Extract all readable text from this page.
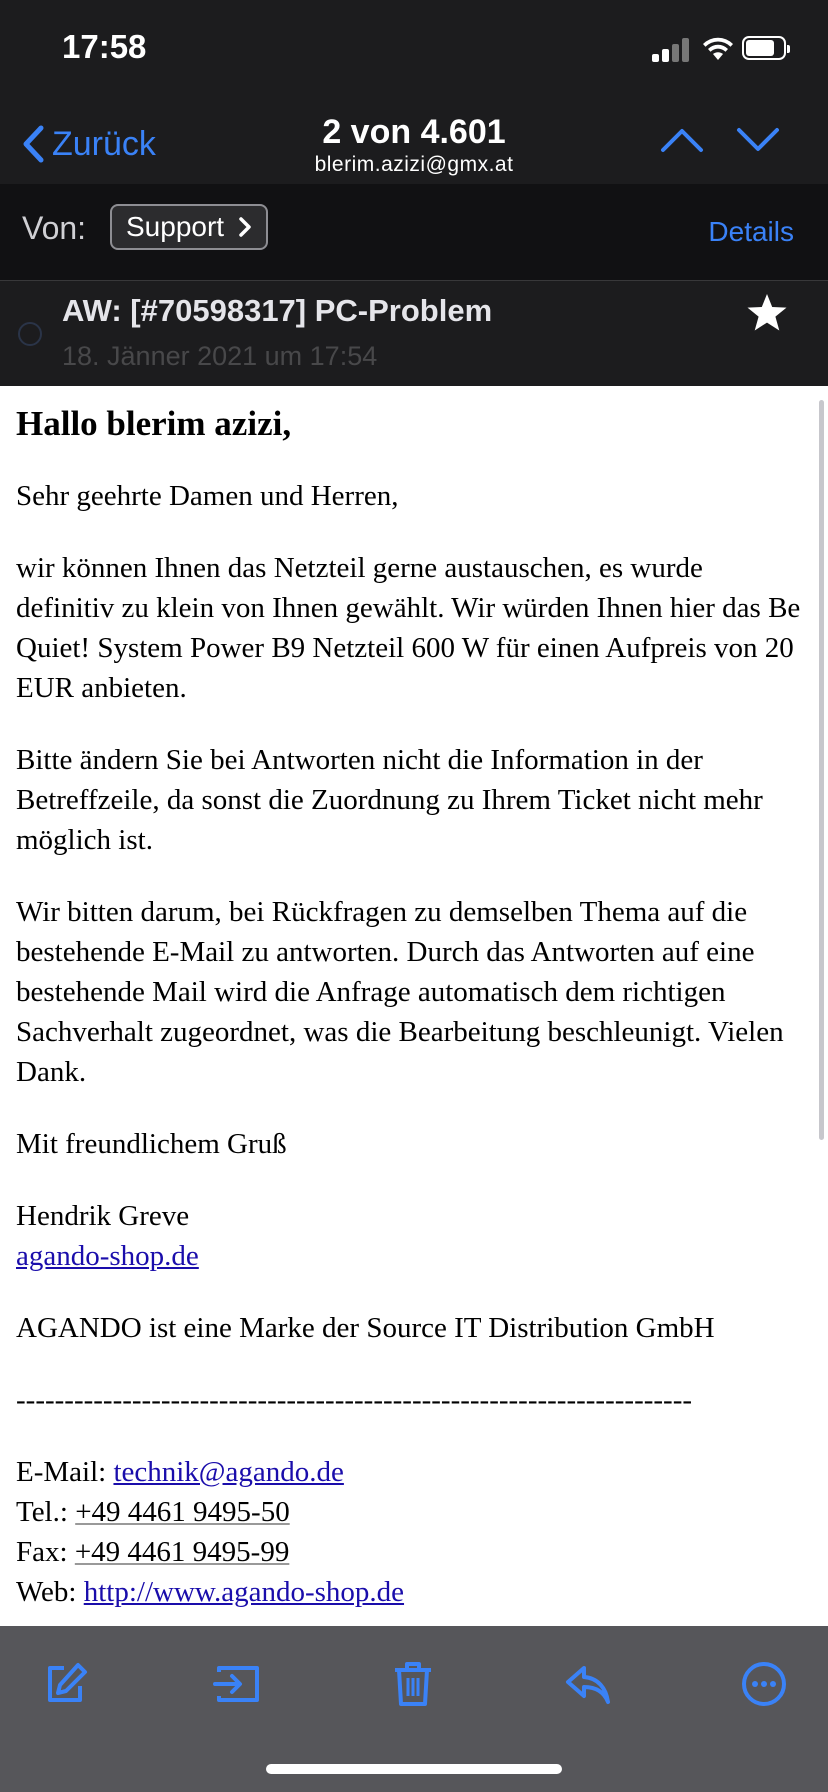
17:58
Zurück	2 von 4.601
blerim.azizi@gmx.at
Von: Support	Details
AW: [#70598317] PC-Problem
18. Jänner 2021 um 17:54
Hallo blerim azizi,

Sehr geehrte Damen und Herren,

wir können Ihnen das Netzteil gerne austauschen, es wurde definitiv zu klein von Ihnen gewählt. Wir würden Ihnen hier das Be Quiet! System Power B9 Netzteil 600 W für einen Aufpreis von 20 EUR anbieten.

Bitte ändern Sie bei Antworten nicht die Information in der Betreffzeile, da sonst die Zuordnung zu Ihrem Ticket nicht mehr möglich ist.

Wir bitten darum, bei Rückfragen zu demselben Thema auf die bestehende E-Mail zu antworten. Durch das Antworten auf eine bestehende Mail wird die Anfrage automatisch dem richtigen Sachverhalt zugeordnet, was die Bearbeitung beschleunigt. Vielen Dank.

Mit freundlichem Gruß

Hendrik Greve
agando-shop.de
AGANDO ist eine Marke der Source IT Distribution GmbH
----------------------------------------------------------------------
E-Mail: technik@agando.de
Tel.: +49 4461 9495-50
Fax: +49 4461 9495-99
Web: http://www.agando-shop.de
